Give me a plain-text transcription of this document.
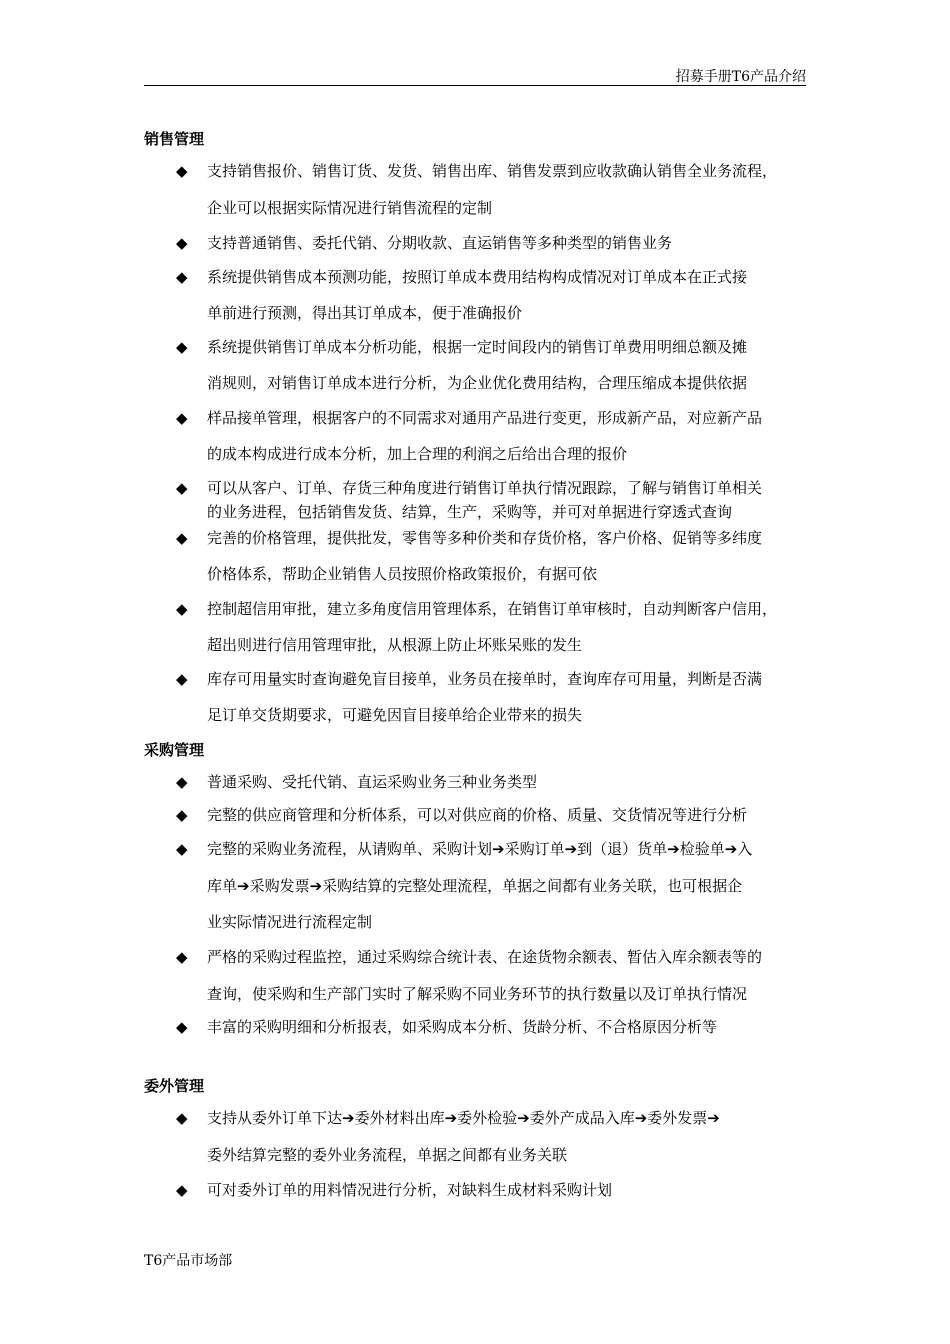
招募手册T6产品介绍
销售管理
◆ 支持销售报价、销售订货、发货、销售出库、销售发票到应收款确认销售全业务流程，
企业可以根据实际情况进行销售流程的定制
◆ 支持普通销售、委托代销、分期收款、直运销售等多种类型的销售业务
◆ 系统提供销售成本预测功能，按照订单成本费用结构构成情况对订单成本在正式接
单前进行预测，得出其订单成本，便于准确报价
◆ 系统提供销售订单成本分析功能，根据一定时间段内的销售订单费用明细总额及摊
消规则，对销售订单成本进行分析，为企业优化费用结构，合理压缩成本提供依据
◆ 样品接单管理，根据客户的不同需求对通用产品进行变更，形成新产品，对应新产品
的成本构成进行成本分析，加上合理的利润之后给出合理的报价
◆ 可以从客户、订单、存货三种角度进行销售订单执行情况跟踪，了解与销售订单相关
的业务进程，包括销售发货、结算，生产，采购等，并可对单据进行穿透式查询
◆ 完善的价格管理，提供批发，零售等多种价类和存货价格，客户价格、促销等多纬度
价格体系，帮助企业销售人员按照价格政策报价，有据可依
◆ 控制超信用审批，建立多角度信用管理体系，在销售订单审核时，自动判断客户信用，
超出则进行信用管理审批，从根源上防止坏账呆账的发生
◆ 库存可用量实时查询避免盲目接单，业务员在接单时，查询库存可用量，判断是否满
足订单交货期要求，可避免因盲目接单给企业带来的损失
采购管理
◆ 普通采购、受托代销、直运采购业务三种业务类型
◆ 完整的供应商管理和分析体系，可以对供应商的价格、质量、交货情况等进行分析
◆ 完整的采购业务流程，从请购单、采购计划➔采购订单➔到（退）货单➔检验单➔入
库单➔采购发票➔采购结算的完整处理流程，单据之间都有业务关联，也可根据企
业实际情况进行流程定制
◆ 严格的采购过程监控，通过采购综合统计表、在途货物余额表、暂估入库余额表等的
查询，使采购和生产部门实时了解采购不同业务环节的执行数量以及订单执行情况
◆ 丰富的采购明细和分析报表，如采购成本分析、货龄分析、不合格原因分析等
委外管理
◆ 支持从委外订单下达➔委外材料出库➔委外检验➔委外产成品入库➔委外发票➔
委外结算完整的委外业务流程，单据之间都有业务关联
◆ 可对委外订单的用料情况进行分析，对缺料生成材料采购计划
T6产品市场部
